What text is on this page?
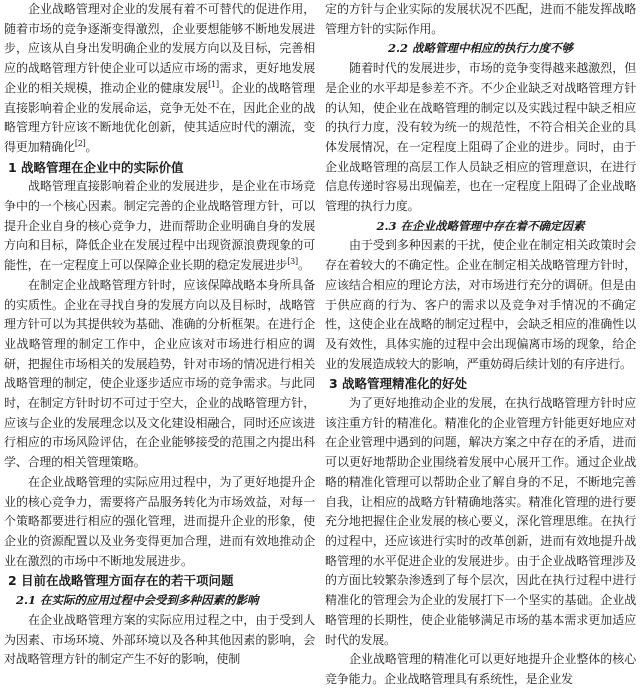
企业战略管理对企业的发展有着不可替代的促进作用，随着市场的竞争逐渐变得激烈，企业要想能够不断地发展进步，应该从自身出发明确企业的发展方向以及目标，完善相应的战略管理方针使企业可以适应市场的需求，更好地发展企业的相关规模，推动企业的健康发展[1]。企业的战略管理直接影响着企业的发展命运，竞争无处不在，因此企业的战略管理方针应该不断地优化创新，使其适应时代的潮流，变得更加精确化[2]。

1 战略管理在企业中的实际价值

战略管理直接影响着企业的发展进步，是企业在市场竞争中的一个核心因素。制定完善的企业战略管理方针，可以提升企业自身的核心竞争力，进而帮助企业明确自身的发展方向和目标，降低企业在发展过程中出现资源浪费现象的可能性，在一定程度上可以保障企业长期的稳定发展进步[3]。

在制定企业战略管理方针时，应该保障战略本身所具备的实质性。企业在寻找自身的发展方向以及目标时，战略管理方针可以为其提供较为基础、准确的分析框架。在进行企业战略管理的制定工作中，企业应该对市场进行相应的调研，把握住市场相关的发展趋势，针对市场的情况进行相关战略管理的制定，使企业逐步适应市场的竞争需求。与此同时，在制定方针时切不可过于空大，企业的战略管理方针，应该与企业的发展理念以及文化建设相融合，同时还应该进行相应的市场风险评估，在企业能够接受的范围之内提出科学、合理的相关管理策略。

在企业战略管理的实际应用过程中，为了更好地提升企业的核心竞争力，需要将产品服务转化为市场效益，对每一个策略都要进行相应的强化管理，进而提升企业的形象，使企业的资源配置以及业务变得更加合理，进而有效地推动企业在激烈的市场中不断地发展进步。

2 目前在战略管理方面存在的若干项问题
2.1 在实际的应用过程中会受到多种因素的影响

在企业战略管理方案的实际应用过程之中，由于受到人为因素、市场环境、外部环境以及各种其他因素的影响，会对战略管理方针的制定产生不好的影响，使制

定的方针与企业实际的发展状况不匹配，进而不能发挥战略管理方针的实际作用。

2.2 战略管理中相应的执行力度不够

随着时代的发展进步，市场的竞争变得越来越激烈，但是企业的水平却是参差不齐。不少企业缺乏对战略管理方针的认知，使企业在战略管理的制定以及实践过程中缺乏相应的执行力度，没有较为统一的规范性，不符合相关企业的具体发展情况，在一定程度上阻碍了企业的进步。同时，由于企业战略管理的高层工作人员缺乏相应的管理意识，在进行信息传递时容易出现偏差，也在一定程度上阻碍了企业战略管理的执行力度。

2.3 在企业战略管理中存在着不确定因素

由于受到多种因素的干扰，使企业在制定相关政策时会存在着较大的不确定性。企业在制定相关战略管理方针时，应该结合相应的理论方法，对市场进行充分的调研。但是由于供应商的行为、客户的需求以及竞争对手情况的不确定性，这使企业在战略的制定过程中，会缺乏相应的准确性以及有效性，具体实施的过程中会出现偏离市场的现象，给企业的发展造成较大的影响，严重妨碍后续计划的有序进行。

3 战略管理精准化的好处

为了更好地推动企业的发展，在执行战略管理方针时应该注重方针的精准化。精准化的企业管理方针能更好地应对在企业管理中遇到的问题，解决方案之中存在的矛盾，进而可以更好地帮助企业围绕着发展中心展开工作。通过企业战略的精准化管理可以帮助企业了解自身的不足，不断地完善自我，让相应的战略方针精确地落实。精准化管理的进行要充分地把握住企业发展的核心要义，深化管理思维。在执行的过程中，还应该进行实时的改革创新，进而有效地提升战略管理的水平促进企业的发展进步。由于企业战略管理涉及的方面比较繁杂渗透到了每个层次，因此在执行过程中进行精准化的管理会为企业的发展打下一个坚实的基础。企业战略管理的长期性，使企业能够满足市场的基本需求更加适应时代的发展。

企业战略管理的精准化可以更好地提升企业整体的核心竞争能力。企业战略管理具有系统性，是企业发
